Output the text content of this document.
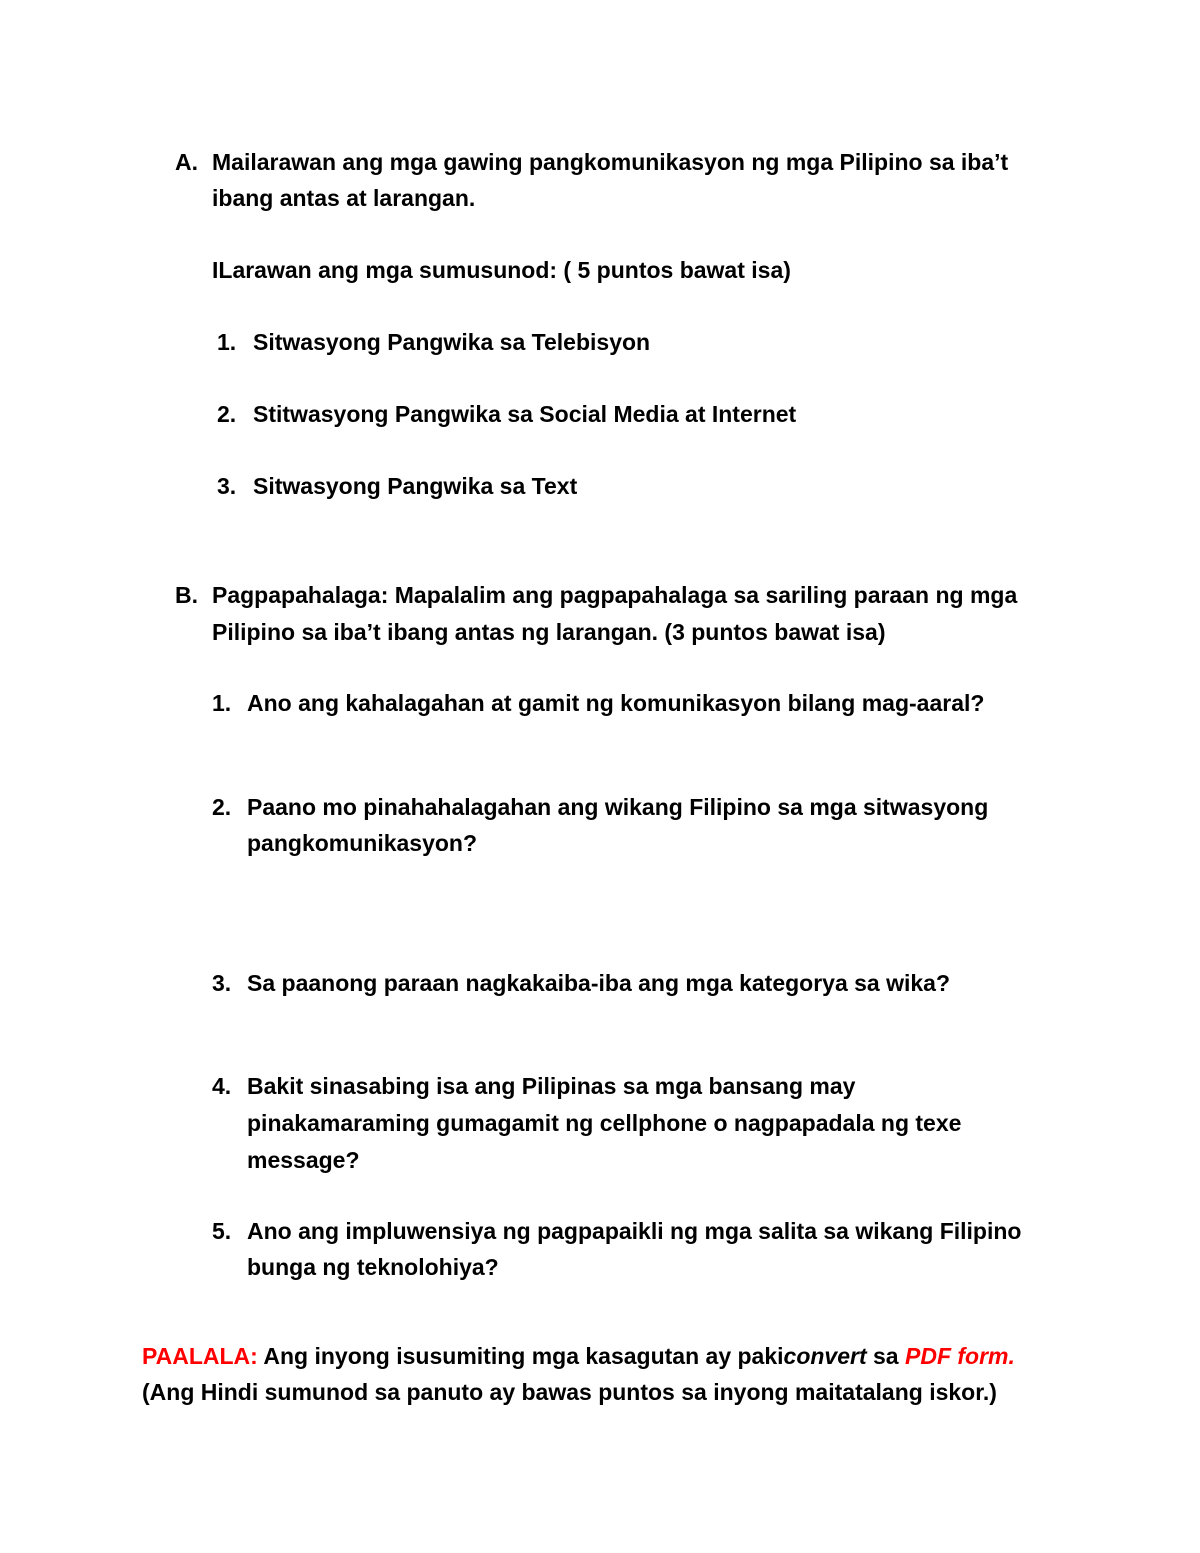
A. Mailarawan ang mga gawing pangkomunikasyon ng mga Pilipino sa iba’t
ibang antas at larangan.
ILarawan ang mga sumusunod: ( 5 puntos bawat isa)
1. Sitwasyong Pangwika sa Telebisyon
2. Stitwasyong Pangwika sa Social Media at Internet
3. Sitwasyong Pangwika sa Text
B. Pagpapahalaga: Mapalalim ang pagpapahalaga sa sariling paraan ng mga
Pilipino sa iba’t ibang antas ng larangan. (3 puntos bawat isa)
1. Ano ang kahalagahan at gamit ng komunikasyon bilang mag-aaral?
2. Paano mo pinahahalagahan ang wikang Filipino sa mga sitwasyong
pangkomunikasyon?
3. Sa paanong paraan nagkakaiba-iba ang mga kategorya sa wika?
4. Bakit sinasabing isa ang Pilipinas sa mga bansang may
pinakamaraming gumagamit ng cellphone o nagpapadala ng texe
message?
5. Ano ang impluwensiya ng pagpapaikli ng mga salita sa wikang Filipino
bunga ng teknolohiya?
PAALALA: Ang inyong isusumiting mga kasagutan ay pakiconvert sa PDF form.
(Ang Hindi sumunod sa panuto ay bawas puntos sa inyong maitatalang iskor.)
